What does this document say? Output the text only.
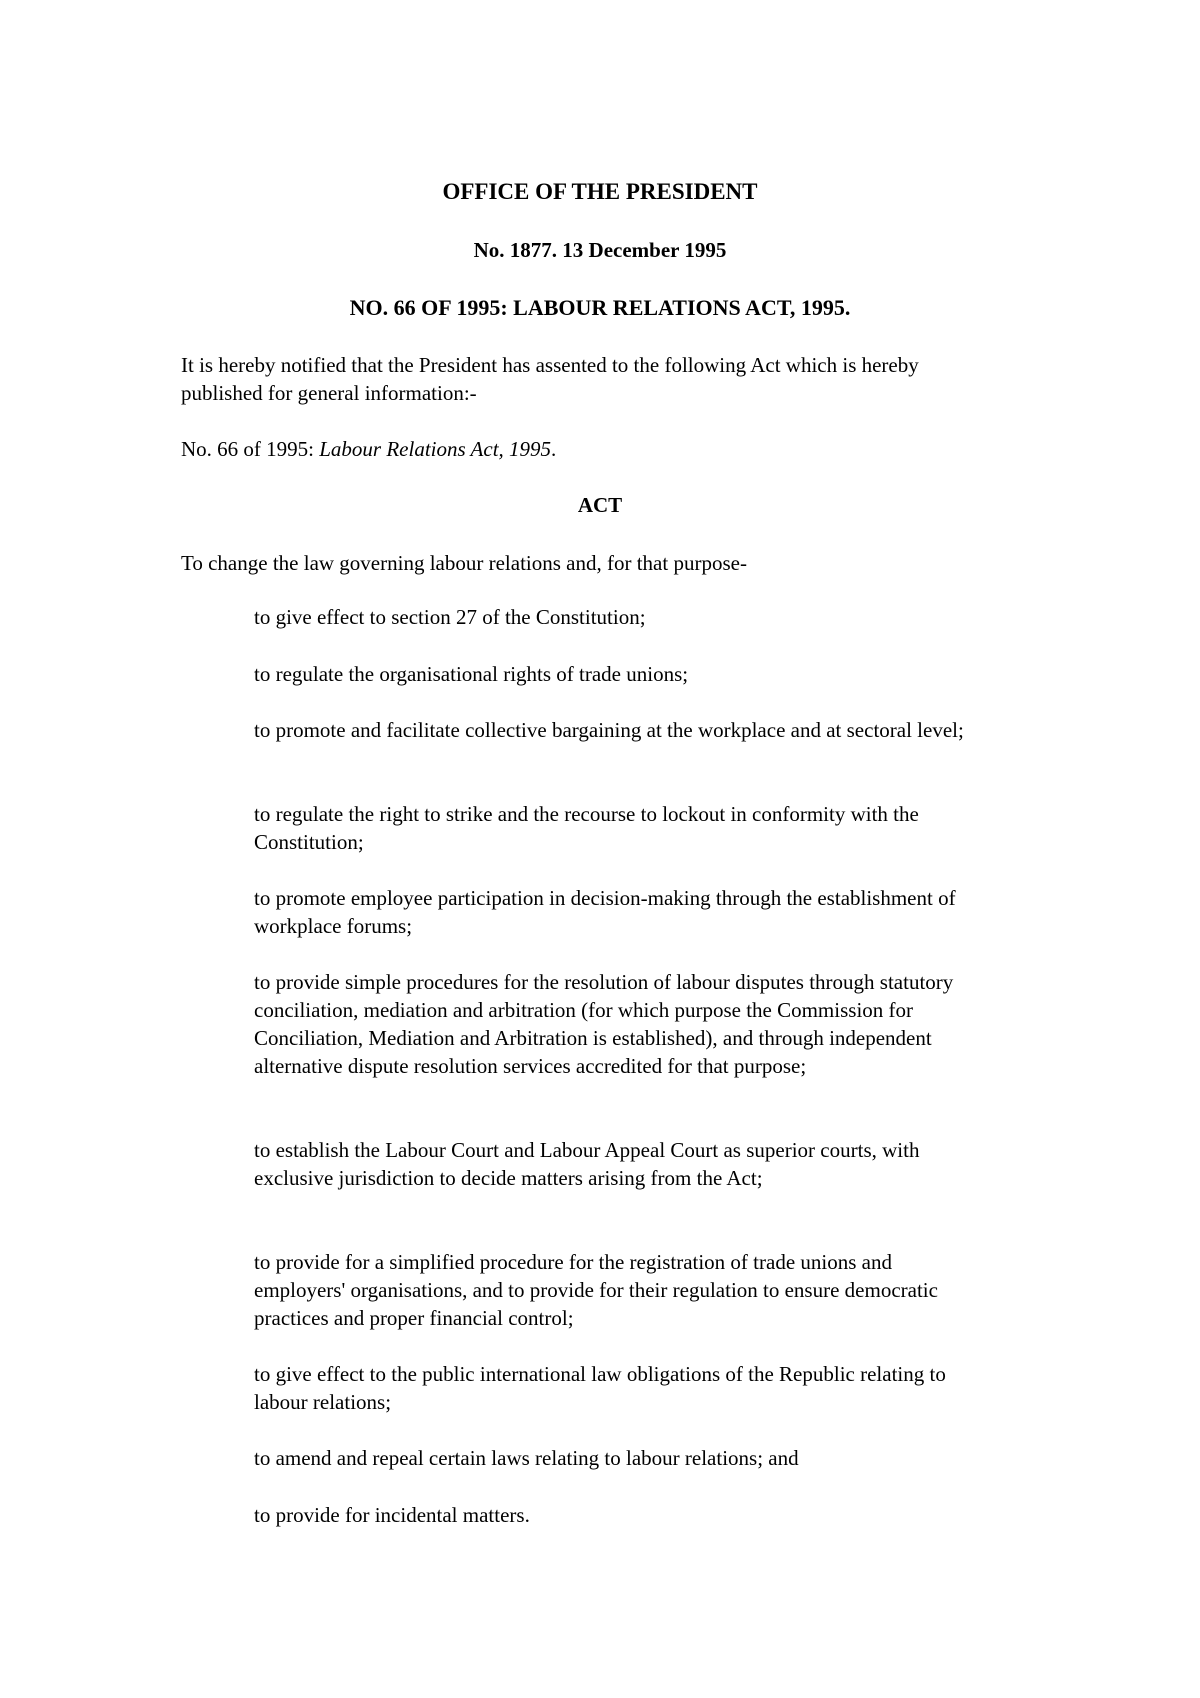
OFFICE OF THE PRESIDENT

No. 1877. 13 December 1995

NO. 66 OF 1995: LABOUR RELATIONS ACT, 1995.

It is hereby notified that the President has assented to the following Act which is hereby published for general information:-

No. 66 of 1995: Labour Relations Act, 1995.

ACT

To change the law governing labour relations and, for that purpose-

to give effect to section 27 of the Constitution;
to regulate the organisational rights of trade unions;
to promote and facilitate collective bargaining at the workplace and at sectoral level;
to regulate the right to strike and the recourse to lockout in conformity with the Constitution;
to promote employee participation in decision-making through the establishment of workplace forums;
to provide simple procedures for the resolution of labour disputes through statutory conciliation, mediation and arbitration (for which purpose the Commission for Conciliation, Mediation and Arbitration is established), and through independent alternative dispute resolution services accredited for that purpose;
to establish the Labour Court and Labour Appeal Court as superior courts, with exclusive jurisdiction to decide matters arising from the Act;
to provide for a simplified procedure for the registration of trade unions and employers' organisations, and to provide for their regulation to ensure democratic practices and proper financial control;
to give effect to the public international law obligations of the Republic relating to labour relations;
to amend and repeal certain laws relating to labour relations; and
to provide for incidental matters.
